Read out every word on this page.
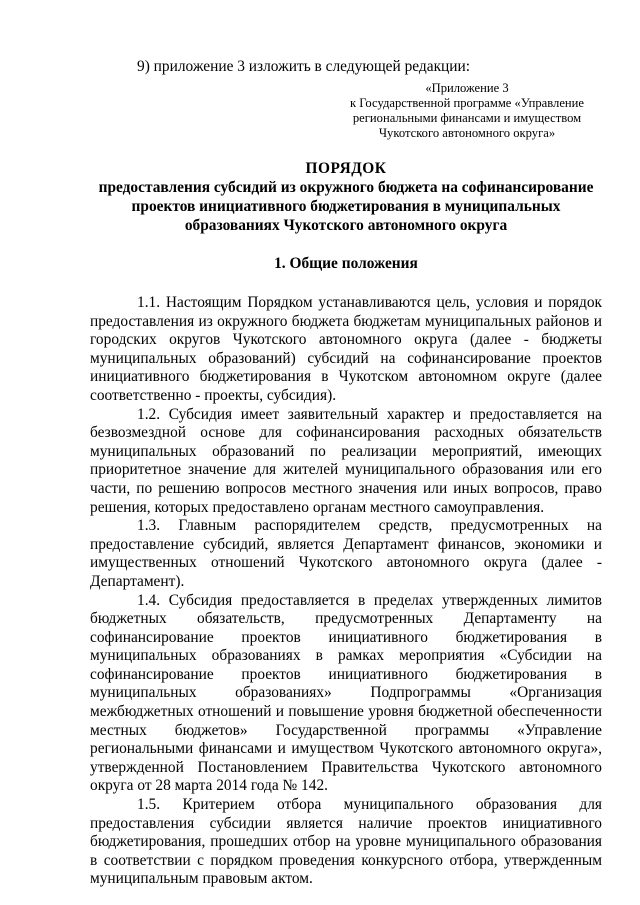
9) приложение 3 изложить в следующей редакции:

«Приложение 3
к Государственной программе «Управление
региональными финансами и имуществом
Чукотского автономного округа»
ПОРЯДОК
предоставления субсидий из окружного бюджета на софинансирование
проектов инициативного бюджетирования в муниципальных
образованиях Чукотского автономного округа
1. Общие положения

1.1. Настоящим Порядком устанавливаются цель, условия и порядок предоставления из окружного бюджета бюджетам муниципальных районов и городских округов Чукотского автономного округа (далее - бюджеты муниципальных образований) субсидий на софинансирование проектов инициативного бюджетирования в Чукотском автономном округе (далее соответственно - проекты, субсидия).

1.2. Субсидия имеет заявительный характер и предоставляется на безвозмездной основе для софинансирования расходных обязательств муниципальных образований по реализации мероприятий, имеющих приоритетное значение для жителей муниципального образования или его части, по решению вопросов местного значения или иных вопросов, право решения, которых предоставлено органам местного самоуправления.

1.3. Главным распорядителем средств, предусмотренных на предоставление субсидий, является Департамент финансов, экономики и имущественных отношений Чукотского автономного округа (далее - Департамент).

1.4. Субсидия предоставляется в пределах утвержденных лимитов бюджетных обязательств, предусмотренных Департаменту на софинансирование проектов инициативного бюджетирования в муниципальных образованиях в рамках мероприятия «Субсидии на софинансирование проектов инициативного бюджетирования в муниципальных образованиях» Подпрограммы «Организация межбюджетных отношений и повышение уровня бюджетной обеспеченности местных бюджетов» Государственной программы «Управление региональными финансами и имуществом Чукотского автономного округа», утвержденной Постановлением Правительства Чукотского автономного округа от 28 марта 2014 года № 142.

1.5. Критерием отбора муниципального образования для предоставления субсидии является наличие проектов инициативного бюджетирования, прошедших отбор на уровне муниципального образования в соответствии с порядком проведения конкурсного отбора, утвержденным муниципальным правовым актом.
